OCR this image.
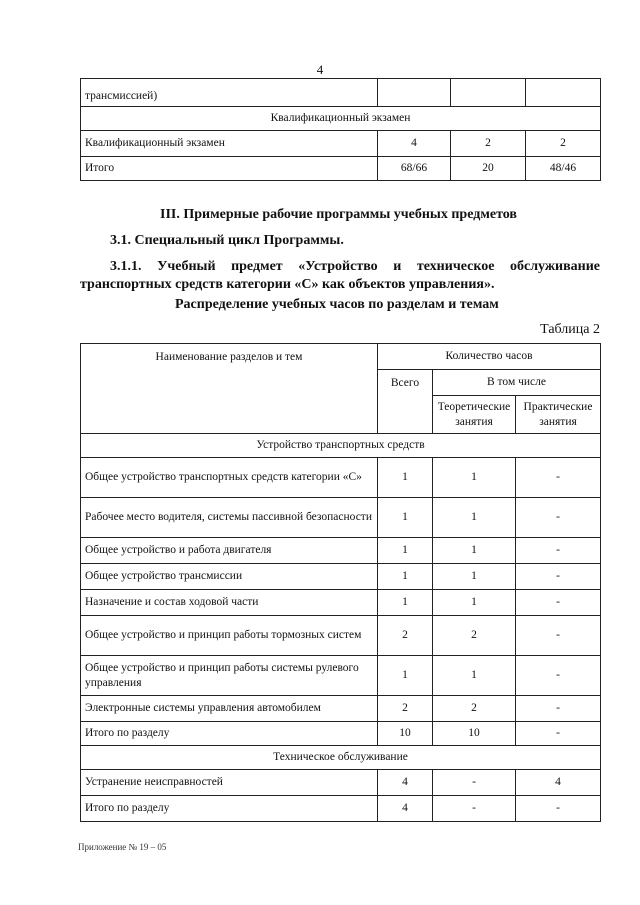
4
трансмиссией)			
Квалификационный экзамен			
Квалификационный экзамен	4	2	2
Итого	68/66	20	48/46
III. Примерные рабочие программы учебных предметов
3.1. Специальный цикл Программы.
3.1.1. Учебный предмет «Устройство и техническое обслуживание
транспортных средств категории «С» как объектов управления».
Распределение учебных часов по разделам и темам
Таблица 2
Наименование разделов и тем	Количество часов		
	Всего	В том числе	
		Теоретические занятия	Практические занятия
Устройство транспортных средств			
Общее устройство транспортных средств категории «С»	1	1	-
Рабочее место водителя, системы пассивной безопасности	1	1	-
Общее устройство и работа двигателя	1	1	-
Общее устройство трансмиссии	1	1	-
Назначение и состав ходовой части	1	1	-
Общее устройство и принцип работы тормозных систем	2	2	-
Общее устройство и принцип работы системы рулевого управления	1	1	-
Электронные системы управления автомобилем	2	2	-
Итого по разделу	10	10	-
Техническое обслуживание			
Устранение неисправностей	4	-	4
Итого по разделу	4	-	-
Приложение № 19 – 05
